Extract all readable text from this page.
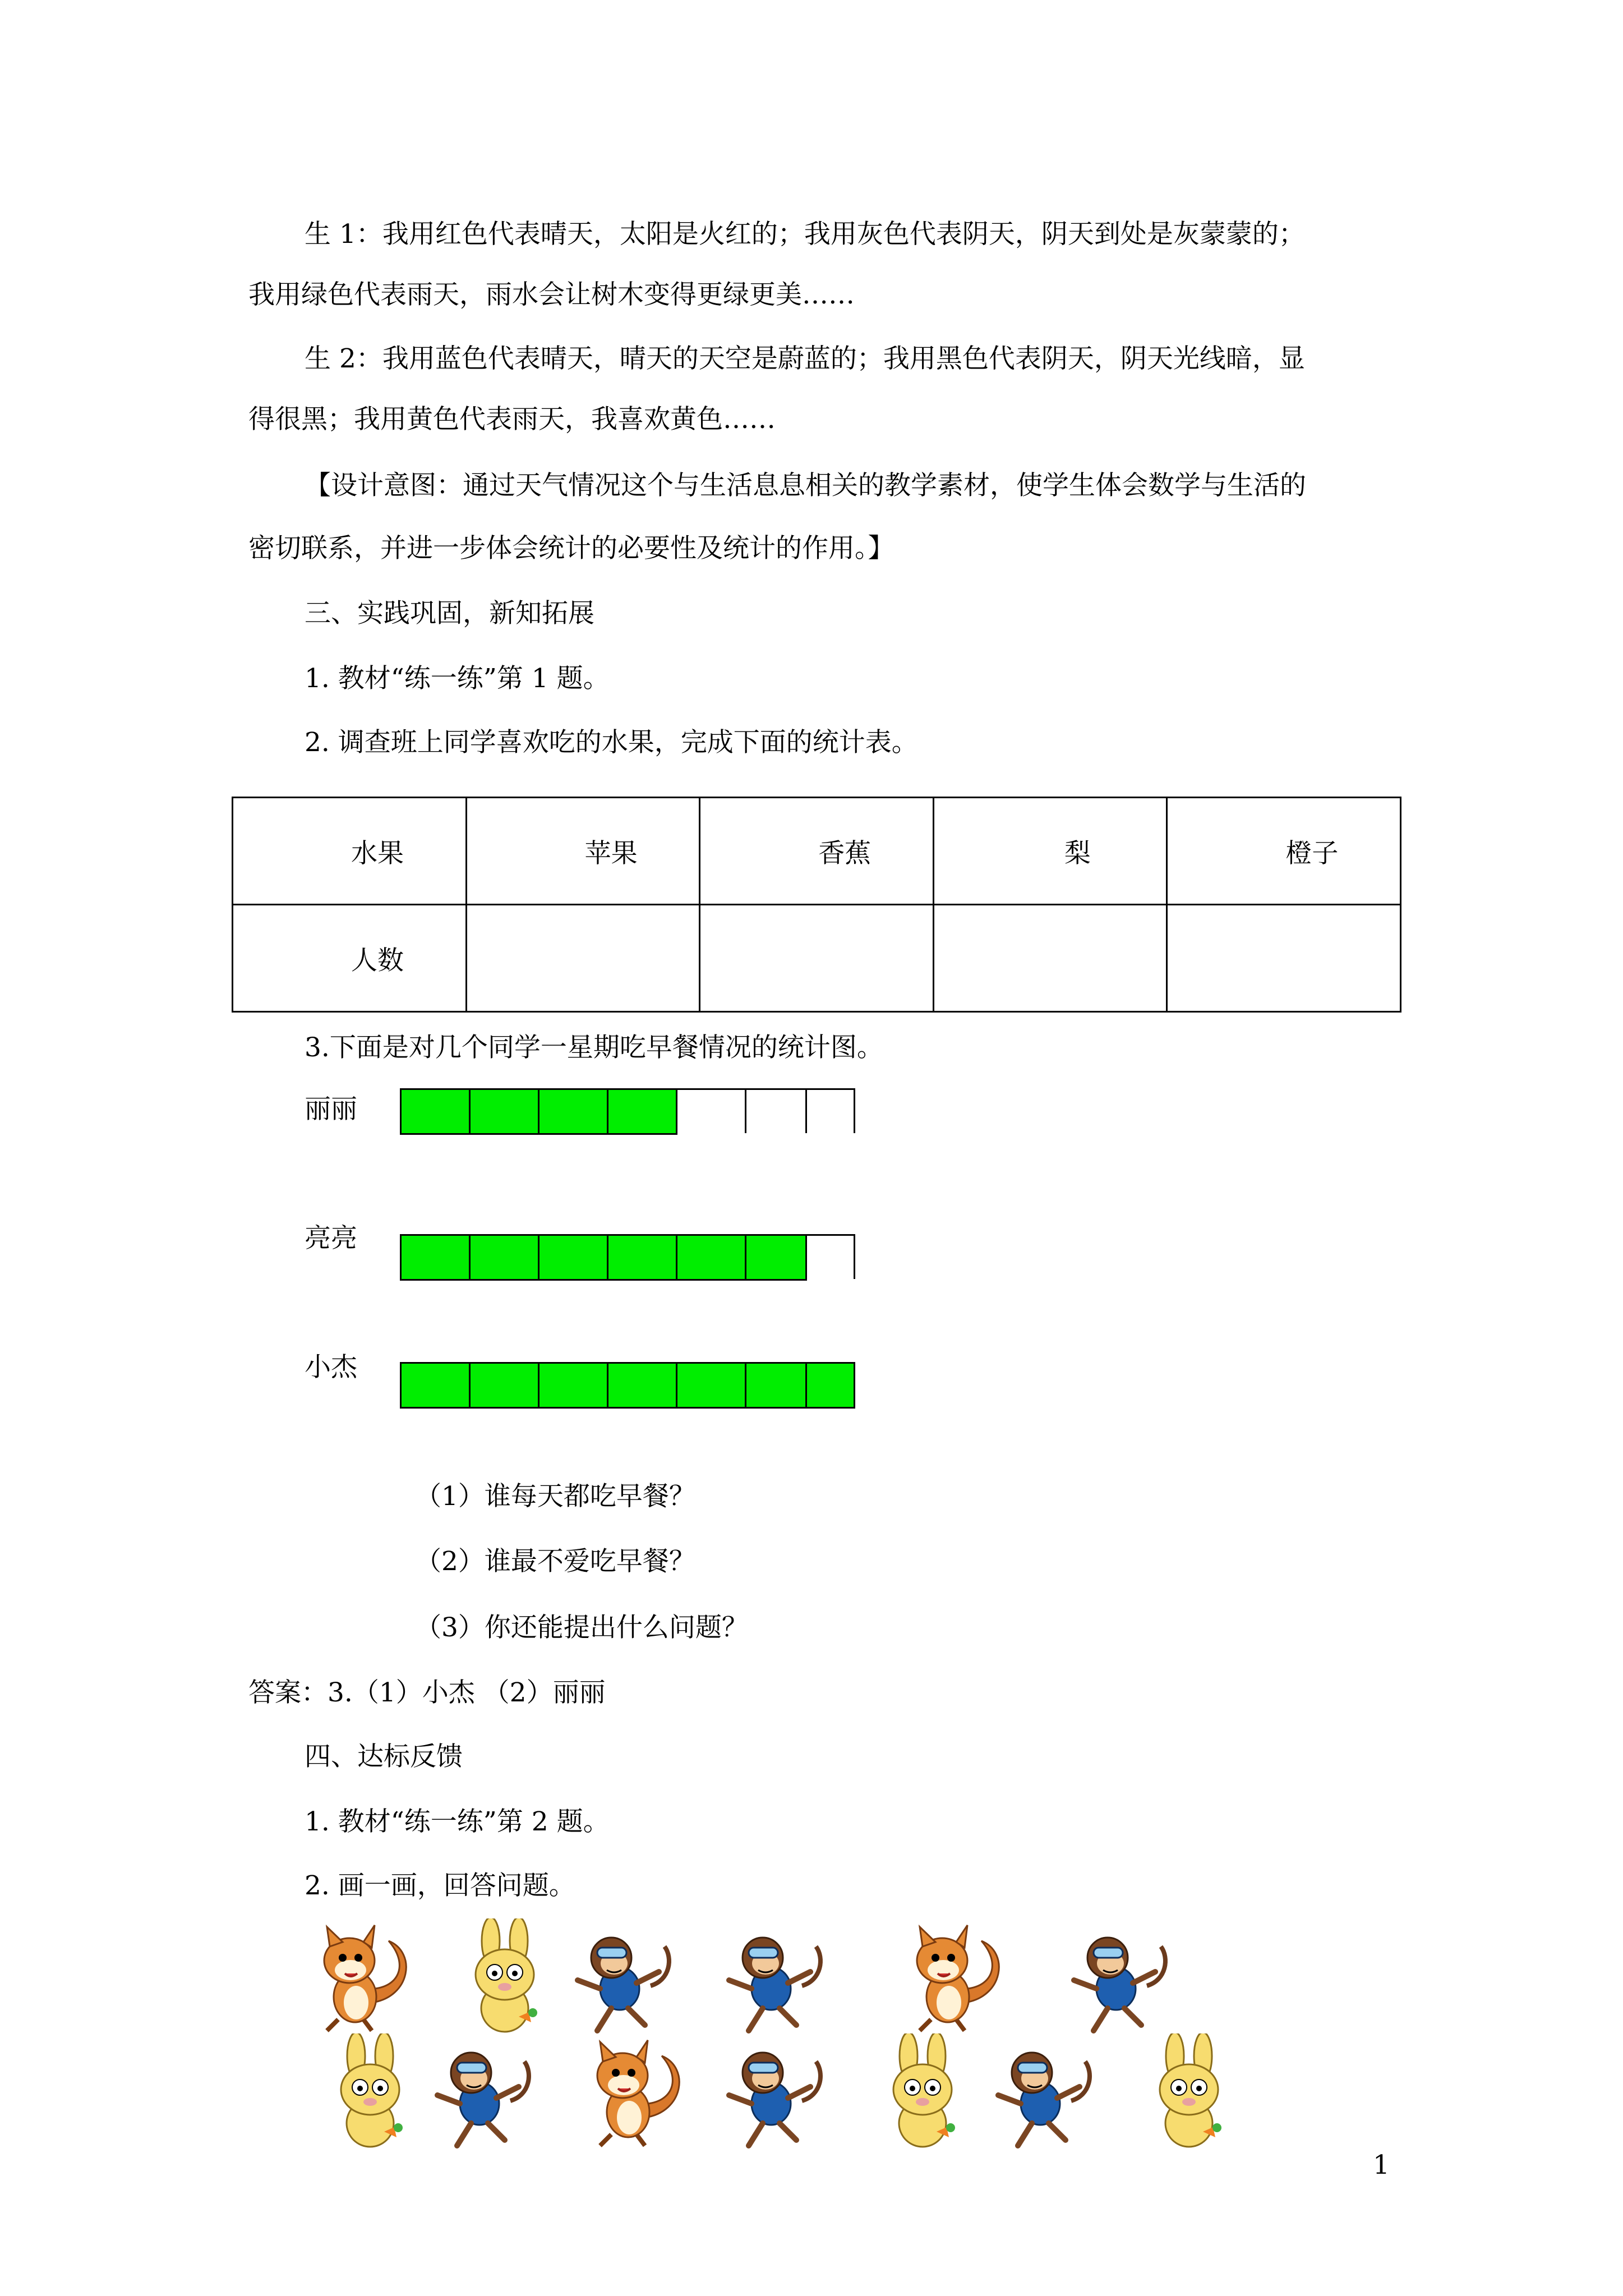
生 1：我用红色代表晴天，太阳是火红的；我用灰色代表阴天，阴天到处是灰蒙蒙的；
我用绿色代表雨天，雨水会让树木变得更绿更美……
生 2：我用蓝色代表晴天，晴天的天空是蔚蓝的；我用黑色代表阴天，阴天光线暗，显
得很黑；我用黄色代表雨天，我喜欢黄色……
【设计意图：通过天气情况这个与生活息息相关的教学素材，使学生体会数学与生活的
密切联系，并进一步体会统计的必要性及统计的作用。】
三、实践巩固，新知拓展
1. 教材“练一练”第 1 题。
2. 调查班上同学喜欢吃的水果，完成下面的统计表。
水果	苹果	香蕉	梨	橙子
人数				
3.下面是对几个同学一星期吃早餐情况的统计图。
丽丽
亮亮
小杰
（1）谁每天都吃早餐？
（2）谁最不爱吃早餐？
（3）你还能提出什么问题？
答案：3.（1）小杰 （2）丽丽
四、达标反馈
1. 教材“练一练”第 2 题。
2. 画一画，回答问题。
1
